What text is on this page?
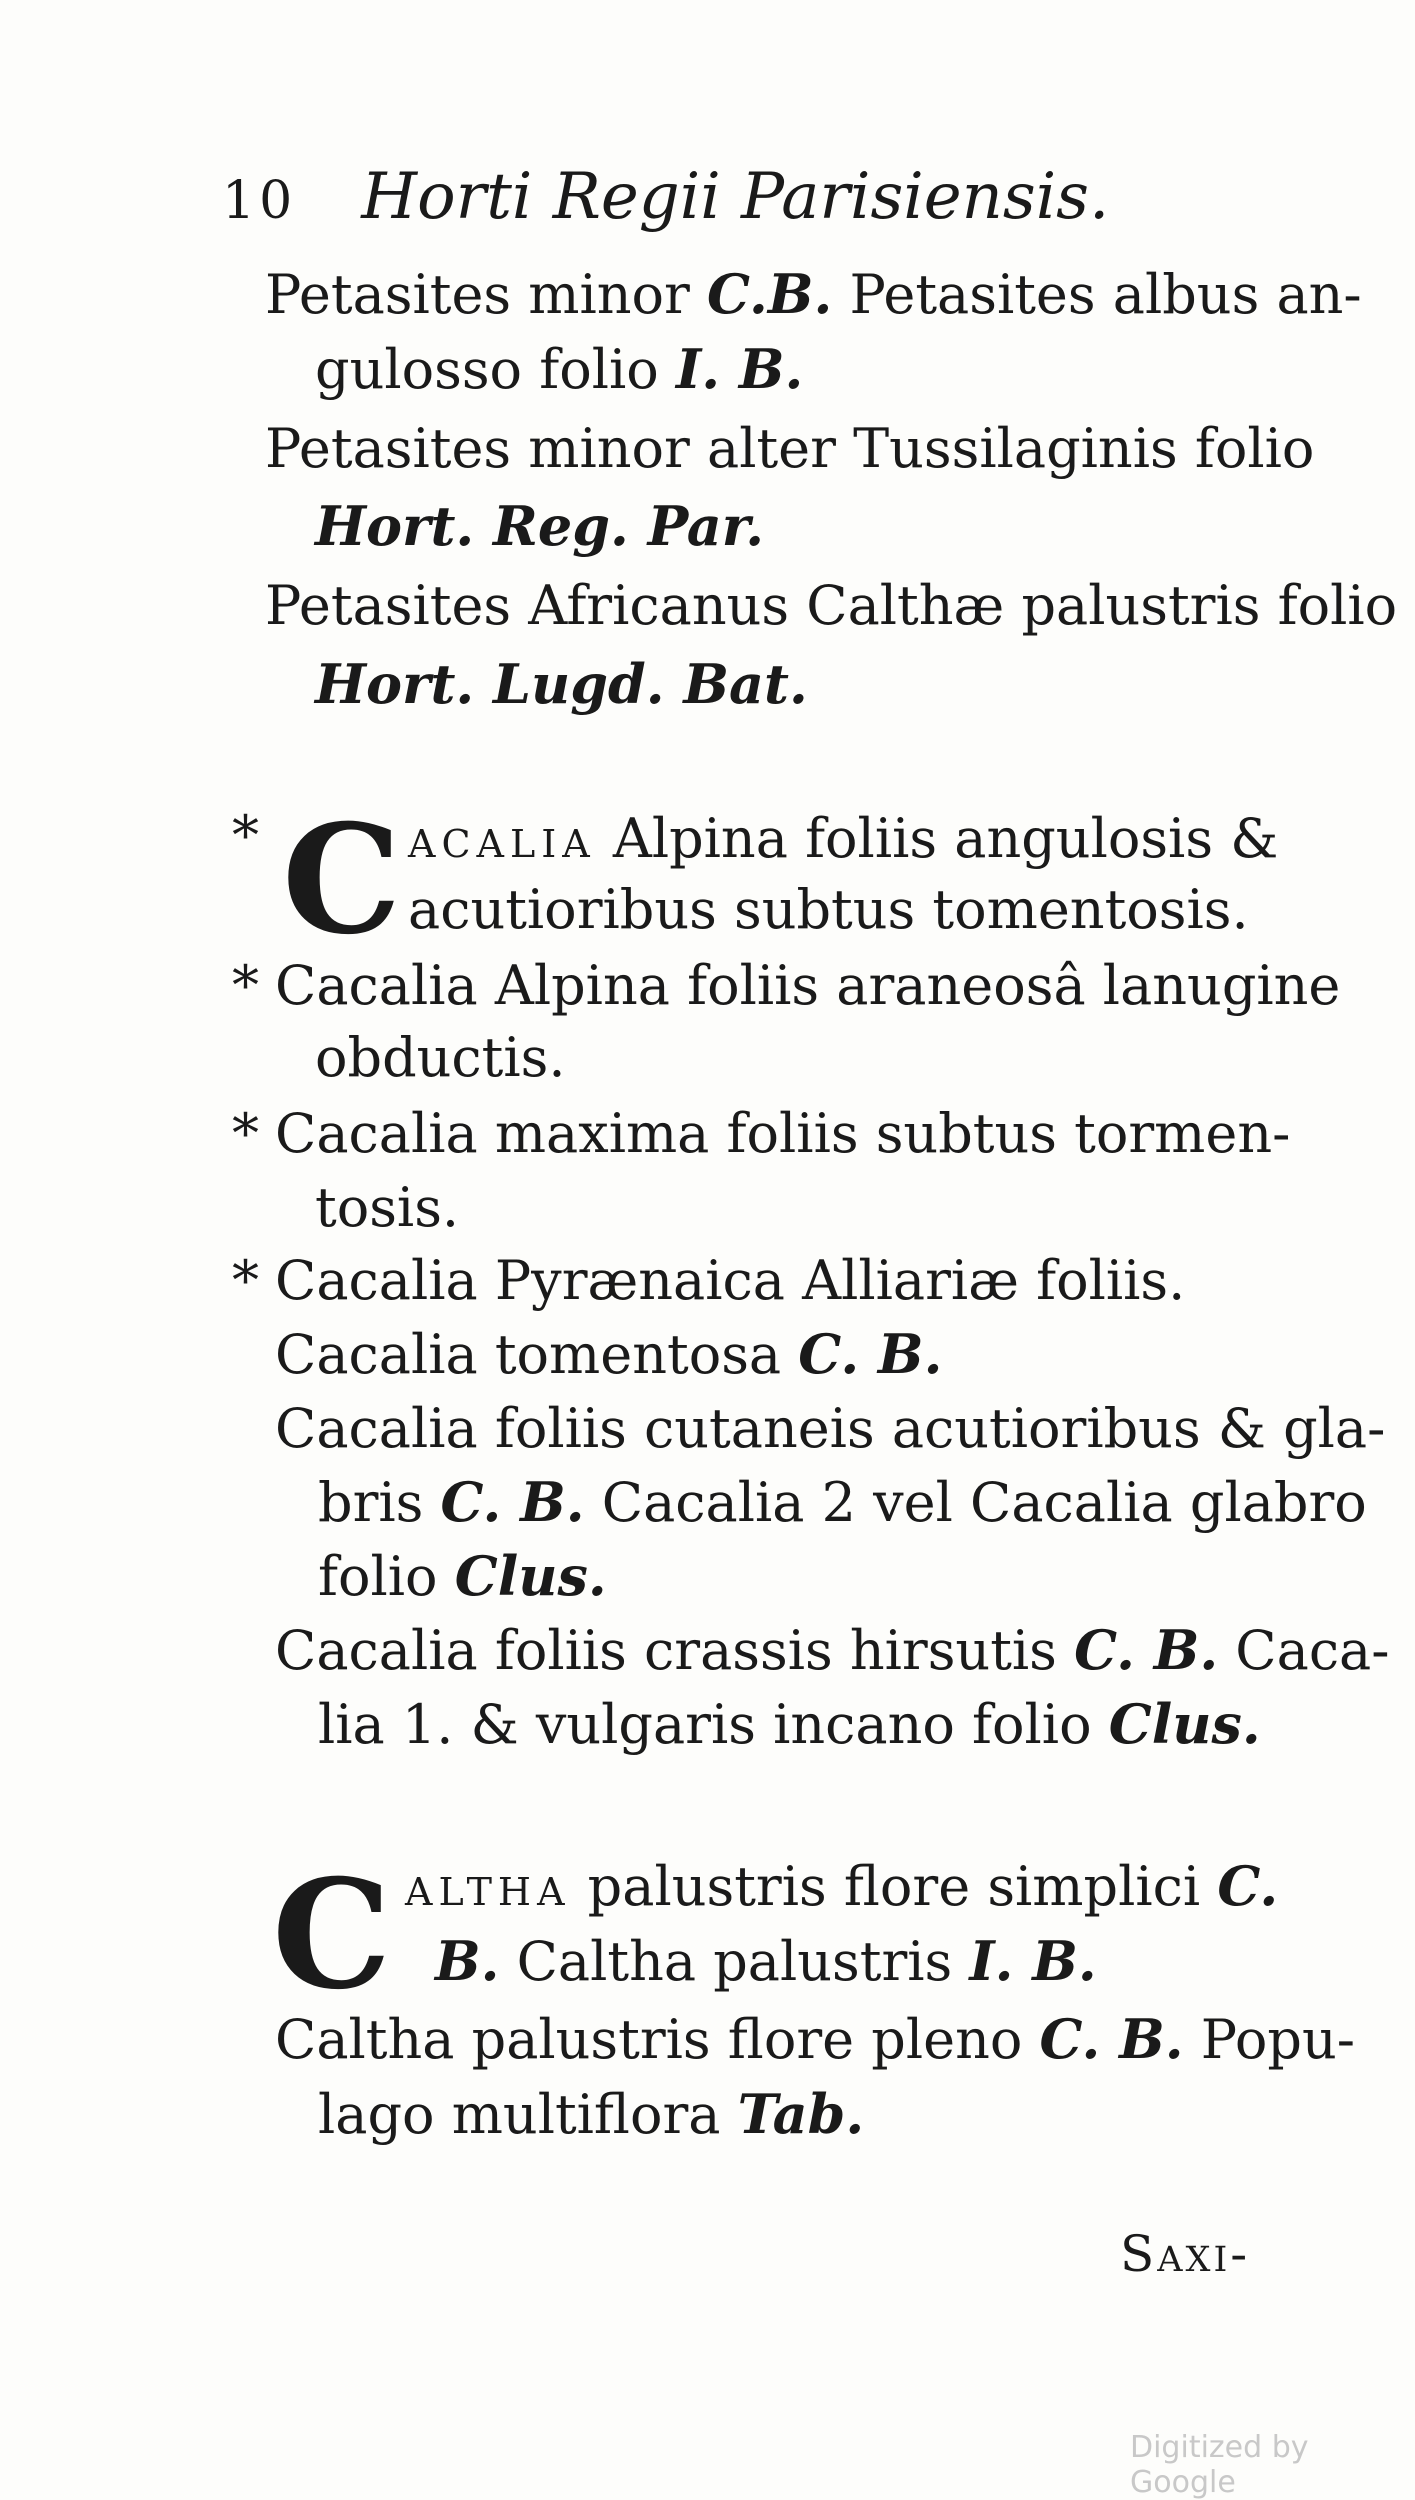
10 Horti Regii Parisiensis.
Petasites minor C.B. Petasites albus an-
gulosso folio I. B.
Petasites minor alter Tussilaginis folio
Hort. Reg. Par.
Petasites Africanus Calthæ palustris folio
Hort. Lugd. Bat.
C
*	acalia Alpina foliis angulosis &
acutioribus subtus tomentosis.
* Cacalia Alpina foliis araneosâ lanugine
obductis.
* Cacalia maxima foliis subtus tormen-
tosis.
* Cacalia Pyrænaica Alliariæ foliis.
Cacalia tomentosa C. B.
Cacalia foliis cutaneis acutioribus & gla-
bris C. B. Cacalia 2 vel Cacalia glabro
folio Clus.
Cacalia foliis crassis hirsutis C. B. Caca-
lia 1. & vulgaris incano folio Clus.
C altha palustris flore simplici C.
B. Caltha palustris I. B.
Caltha palustris flore pleno C. B. Popu-
lago multiflora Tab.
Saxi-
Digitized by Google
